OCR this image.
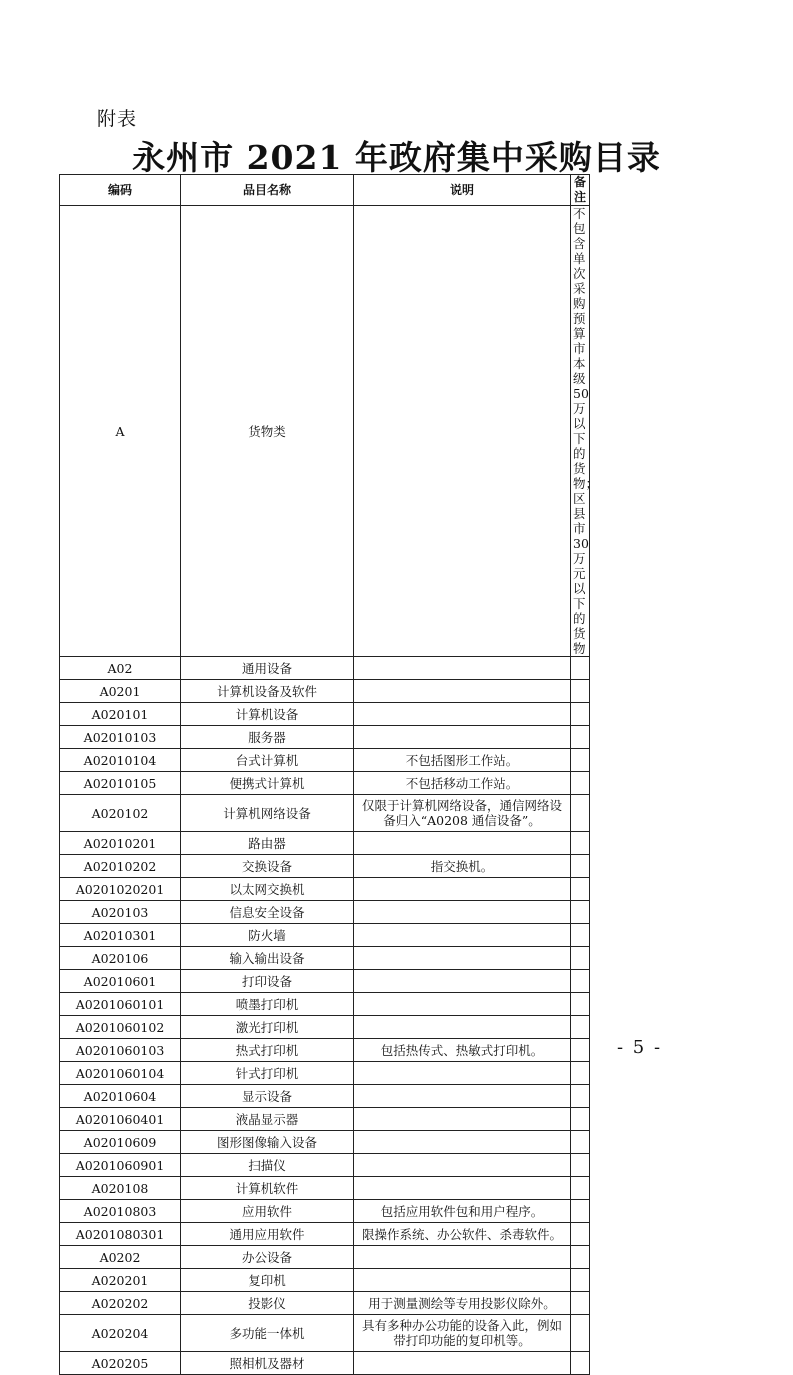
附表
永州市 2021 年政府集中采购目录
编码	品目名称	说明	备注
A	货物类		不包含单次采购预算市本级 50 万以下的货物；区县市 30 万元以下的货物
A02	通用设备		
A0201	计算机设备及软件		
A020101	计算机设备		
A02010103	服务器		
A02010104	台式计算机	不包括图形工作站。	
A02010105	便携式计算机	不包括移动工作站。	
A020102	计算机网络设备	仅限于计算机网络设备，通信网络设备归入“A0208 通信设备”。	
A02010201	路由器		
A02010202	交换设备	指交换机。	
A0201020201	以太网交换机		
A020103	信息安全设备		
A02010301	防火墙		
A020106	输入输出设备		
A02010601	打印设备		
A0201060101	喷墨打印机		
A0201060102	激光打印机		
A0201060103	热式打印机	包括热传式、热敏式打印机。	
A0201060104	针式打印机		
A02010604	显示设备		
A0201060401	液晶显示器		
A02010609	图形图像输入设备		
A0201060901	扫描仪		
A020108	计算机软件		
A02010803	应用软件	包括应用软件包和用户程序。	
A0201080301	通用应用软件	限操作系统、办公软件、杀毒软件。	
A0202	办公设备		
A020201	复印机		
A020202	投影仪	用于测量测绘等专用投影仪除外。	
A020204	多功能一体机	具有多种办公功能的设备入此，例如带打印功能的复印机等。	
A020205	照相机及器材		
- 5 -
